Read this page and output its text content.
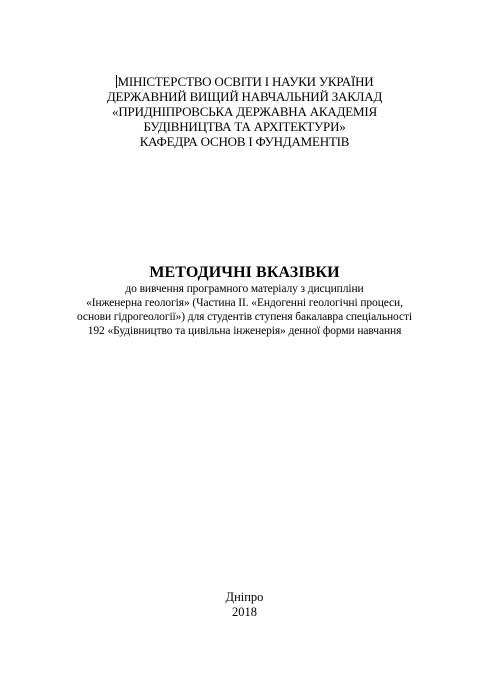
МІНІСТЕРСТВО ОСВІТИ І НАУКИ УКРАЇНИ
ДЕРЖАВНИЙ ВИЩИЙ НАВЧАЛЬНИЙ ЗАКЛАД
«ПРИДНІПРОВСЬКА ДЕРЖАВНА АКАДЕМІЯ
БУДІВНИЦТВА ТА АРХІТЕКТУРИ»
КАФЕДРА ОСНОВ І ФУНДАМЕНТІВ
МЕТОДИЧНІ ВКАЗІВКИ
до вивчення програмного матеріалу з дисципліни
«Інженерна геологія» (Частина ІІ. «Ендогенні геологічні процеси,
основи гідрогеології») для студентів ступеня бакалавра спеціальності
192 «Будівництво та цивільна інженерія» денної форми навчання
Дніпро
2018
